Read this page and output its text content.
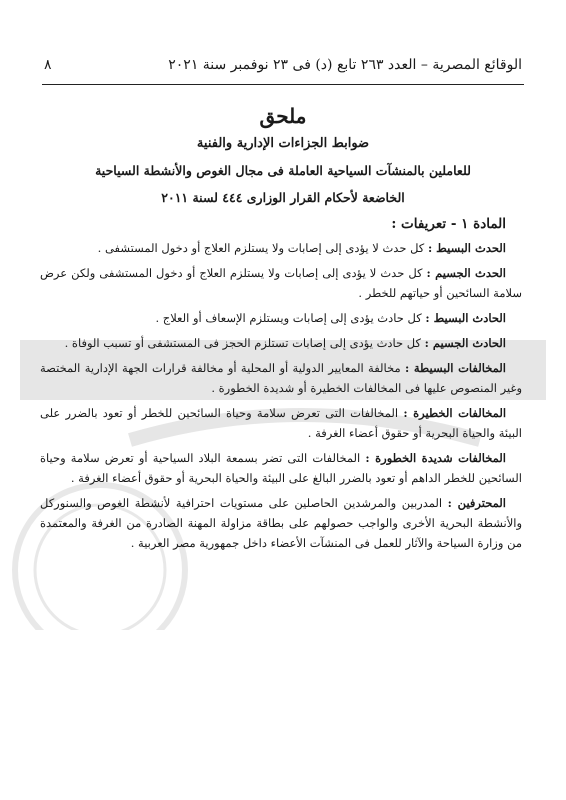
الوقائع المصرية – العدد ٢٦٣ تابع (د) فى ٢٣ نوفمبر سنة ٢٠٢١
٨
ملحق
ضوابط الجزاءات الإدارية والفنية
للعاملين بالمنشآت السياحية العاملة فى مجال الغوص والأنشطة السياحية
الخاضعة لأحكام القرار الوزارى ٤٤٤ لسنة ٢٠١١
المادة ١ - تعريفات :

الحدث البسيط : كل حدث لا يؤدى إلى إصابات ولا يستلزم العلاج أو دخول المستشفى .

الحدث الجسيم : كل حدث لا يؤدى إلى إصابات ولا يستلزم العلاج أو دخول المستشفى ولكن عرض سلامة السائحين أو حياتهم للخطر .

الحادث البسيط : كل حادث يؤدى إلى إصابات ويستلزم الإسعاف أو العلاج .

الحادث الجسيم : كل حادث يؤدى إلى إصابات تستلزم الحجز فى المستشفى أو تسبب الوفاة .

المخالفات البسيطة : مخالفة المعايير الدولية أو المحلية أو مخالفة قرارات الجهة الإدارية المختصة وغير المنصوص عليها فى المخالفات الخطيرة أو شديدة الخطورة .

المخالفات الخطيرة : المخالفات التى تعرض سلامة وحياة السائحين للخطر أو تعود بالضرر على البيئة والحياة البحرية أو حقوق أعضاء الغرفة .

المخالفات شديدة الخطورة : المخالفات التى تضر بسمعة البلاد السياحية أو تعرض سلامة وحياة السائحين للخطر الداهم أو تعود بالضرر البالغ على البيئة والحياة البحرية أو حقوق أعضاء الغرفة .

المحترفين : المدربين والمرشدين الحاصلين على مستويات احترافية لأنشطة الغوص والسنوركل والأنشطة البحرية الأخرى والواجب حصولهم على بطاقة مزاولة المهنة الصادرة من الغرفة والمعتمدة من وزارة السياحة والآثار للعمل فى المنشآت الأعضاء داخل جمهورية مصر العربية .
